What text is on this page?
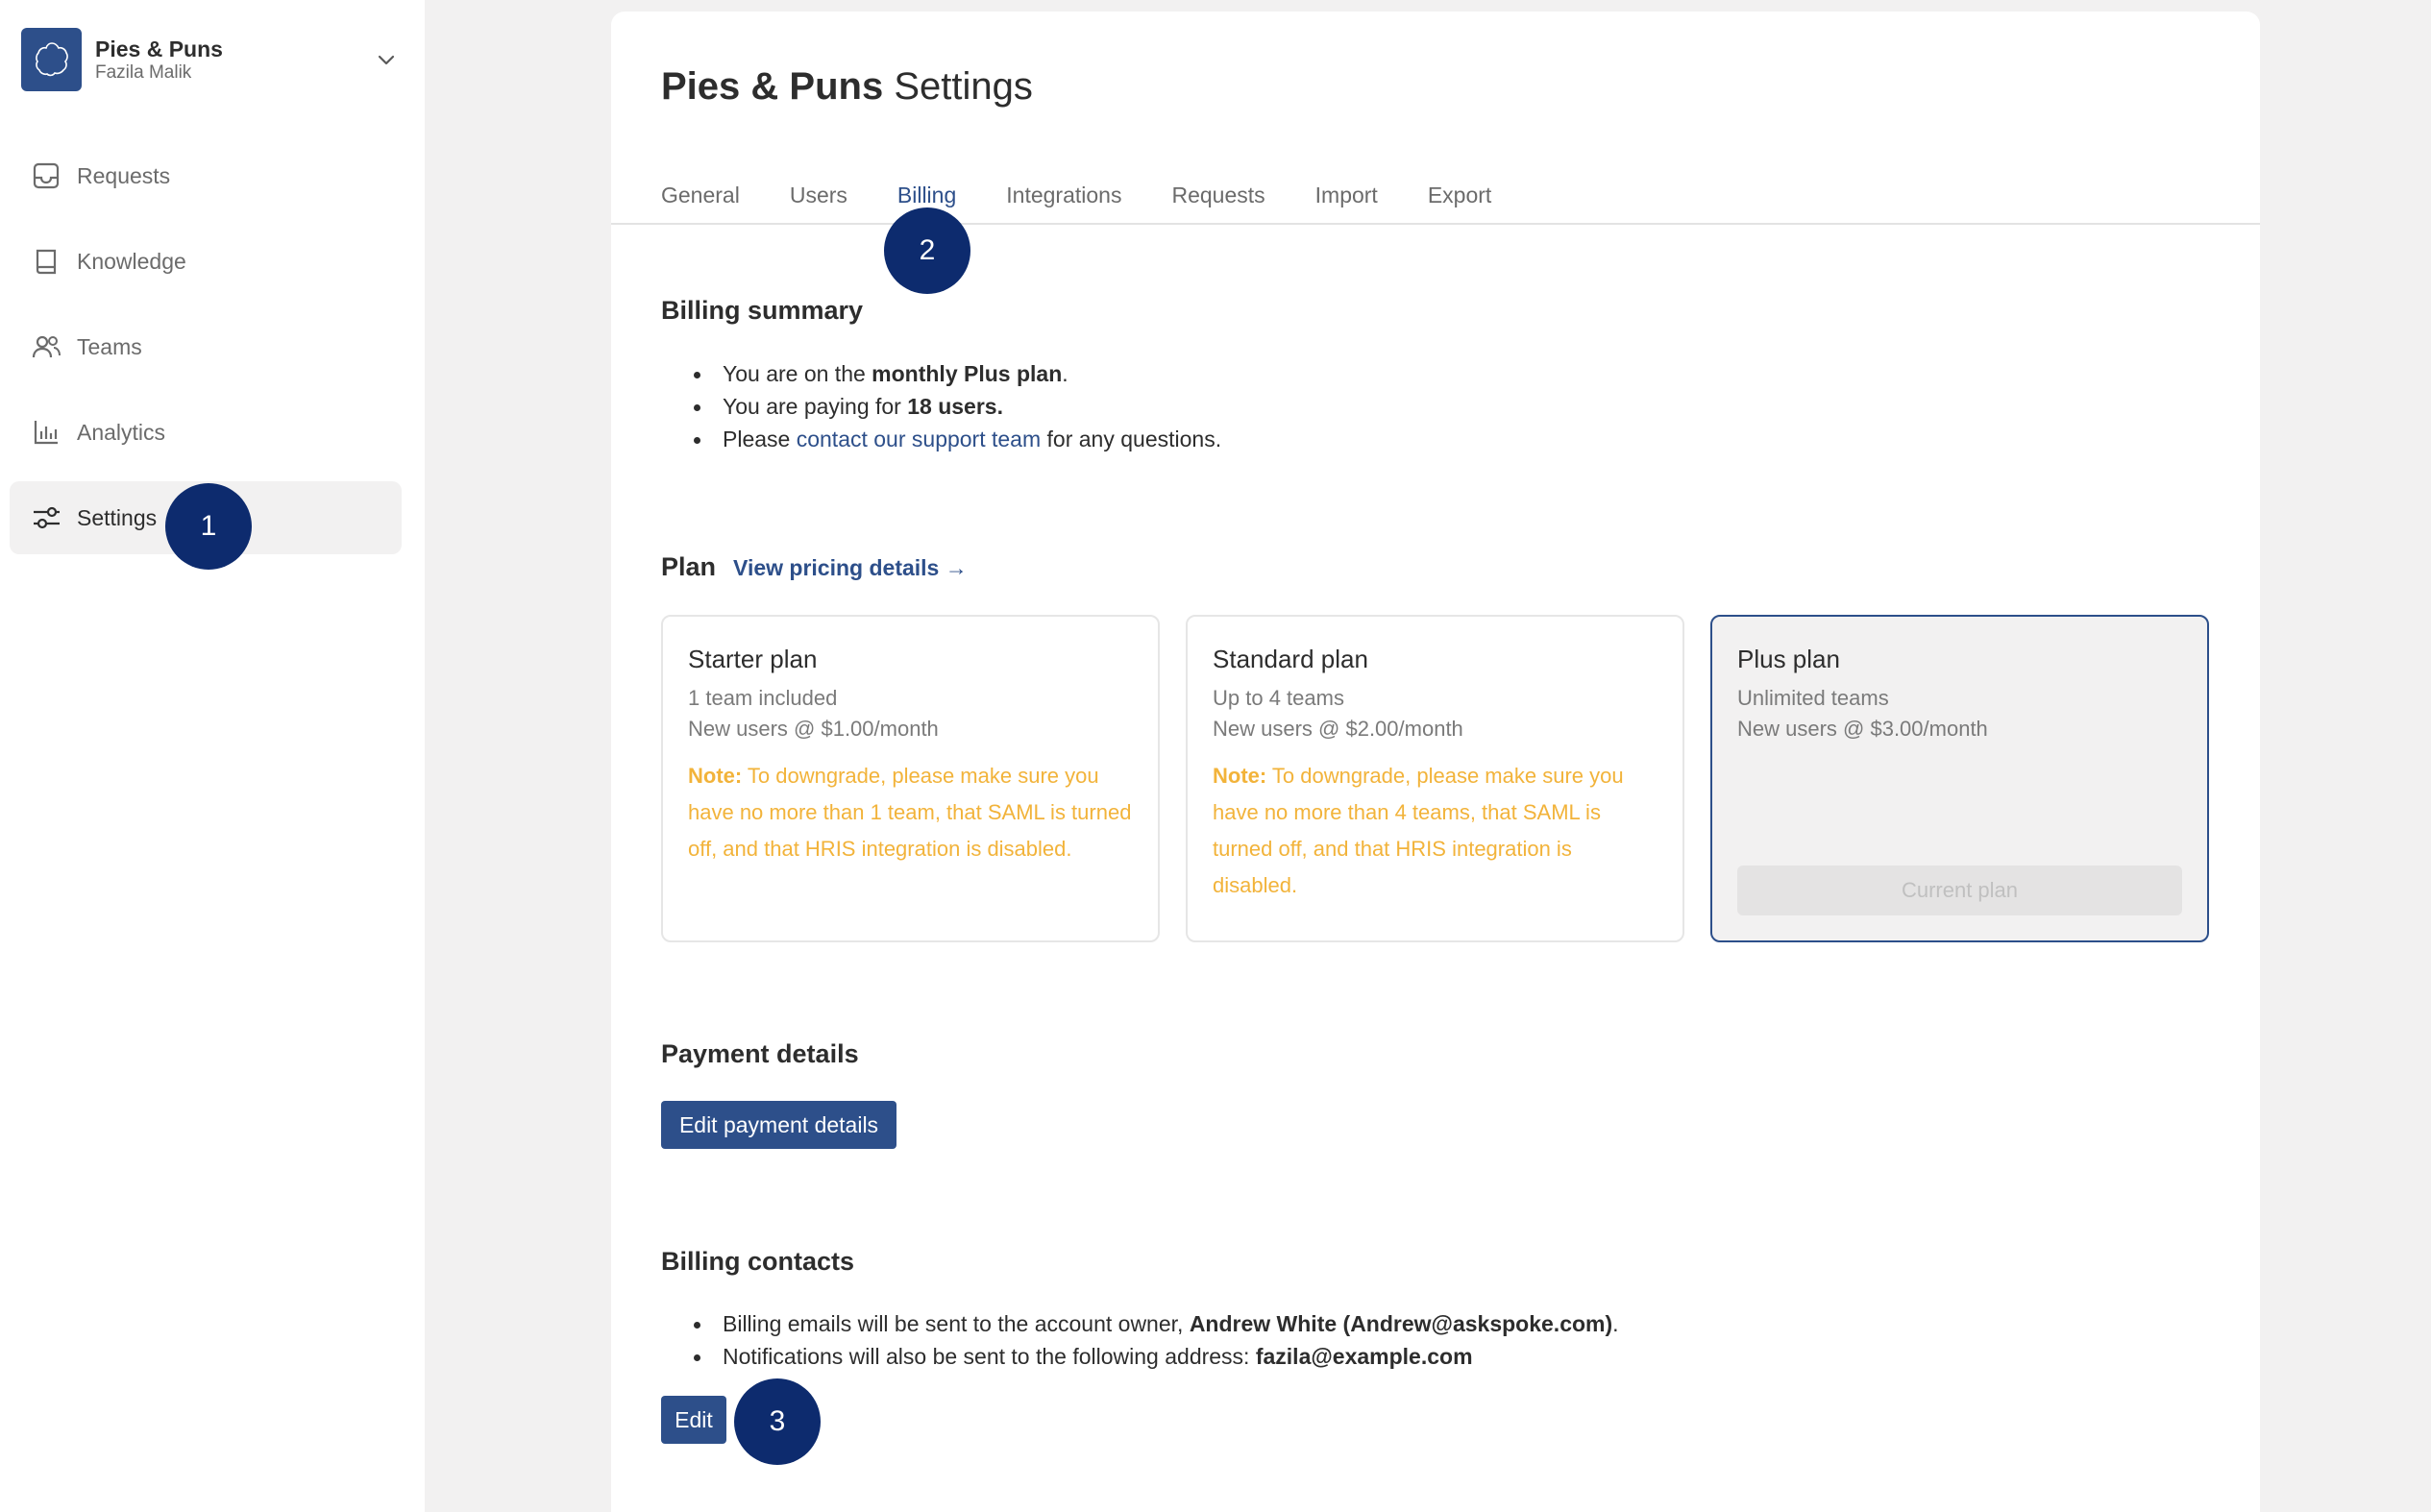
Pies & Puns
Fazila Malik
Requests
Knowledge
Teams
Analytics
Settings
Pies & Puns Settings
General Users Billing Integrations Requests Import Export
Billing summary
You are on the monthly Plus plan.
You are paying for 18 users.
Please contact our support team for any questions.
Plan View pricing details →
Starter plan
1 team included
New users @ $1.00/month
Note: To downgrade, please make sure you have no more than 1 team, that SAML is turned off, and that HRIS integration is disabled.
Standard plan
Up to 4 teams
New users @ $2.00/month
Note: To downgrade, please make sure you have no more than 4 teams, that SAML is turned off, and that HRIS integration is disabled.
Plus plan
Unlimited teams
New users @ $3.00/month
Current plan
Payment details
Edit payment details
Billing contacts
Billing emails will be sent to the account owner, Andrew White (Andrew@askspoke.com).
Notifications will also be sent to the following address: fazila@example.com
Edit
1
2
3
